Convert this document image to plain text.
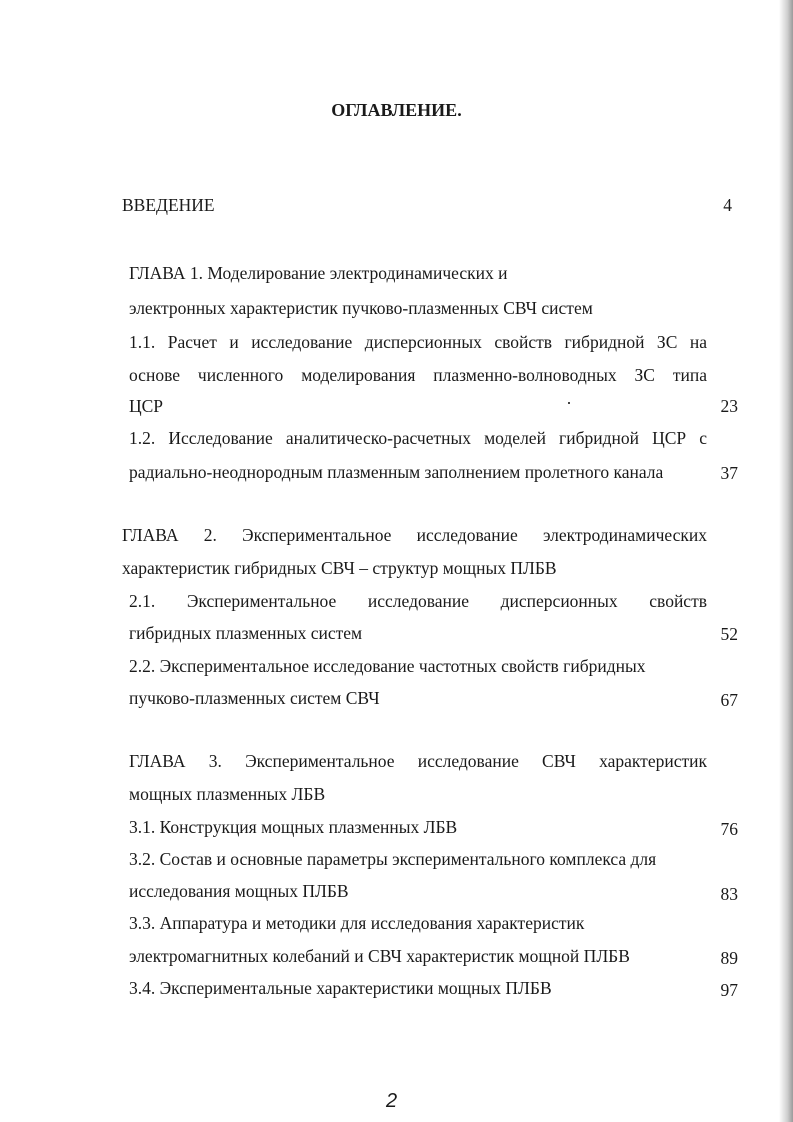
ОГЛАВЛЕНИЕ.
ВВЕДЕНИЕ	4
ГЛАВА 1. Моделирование электродинамических и
электронных характеристик пучково-плазменных СВЧ систем
1.1. Расчет и исследование дисперсионных свойств гибридной ЗС на
основе численного моделирования плазменно-волноводных ЗС типа
ЦСР	23
1.2. Исследование аналитическо-расчетных моделей гибридной ЦСР с
радиально-неоднородным плазменным заполнением пролетного канала	37
ГЛАВА 2. Экспериментальное исследование электродинамических
характеристик гибридных СВЧ – структур мощных ПЛБВ
2.1. Экспериментальное исследование дисперсионных свойств
гибридных плазменных систем	52
2.2. Экспериментальное исследование частотных свойств гибридных
пучково-плазменных систем СВЧ	67
ГЛАВА 3. Экспериментальное исследование СВЧ характеристик
мощных плазменных ЛБВ
3.1. Конструкция мощных плазменных ЛБВ	76
3.2. Состав и основные параметры экспериментального комплекса для
исследования мощных ПЛБВ	83
3.3. Аппаратура и методики для исследования характеристик
электромагнитных колебаний и СВЧ характеристик мощной ПЛБВ	89
3.4. Экспериментальные характеристики мощных ПЛБВ	97
2
